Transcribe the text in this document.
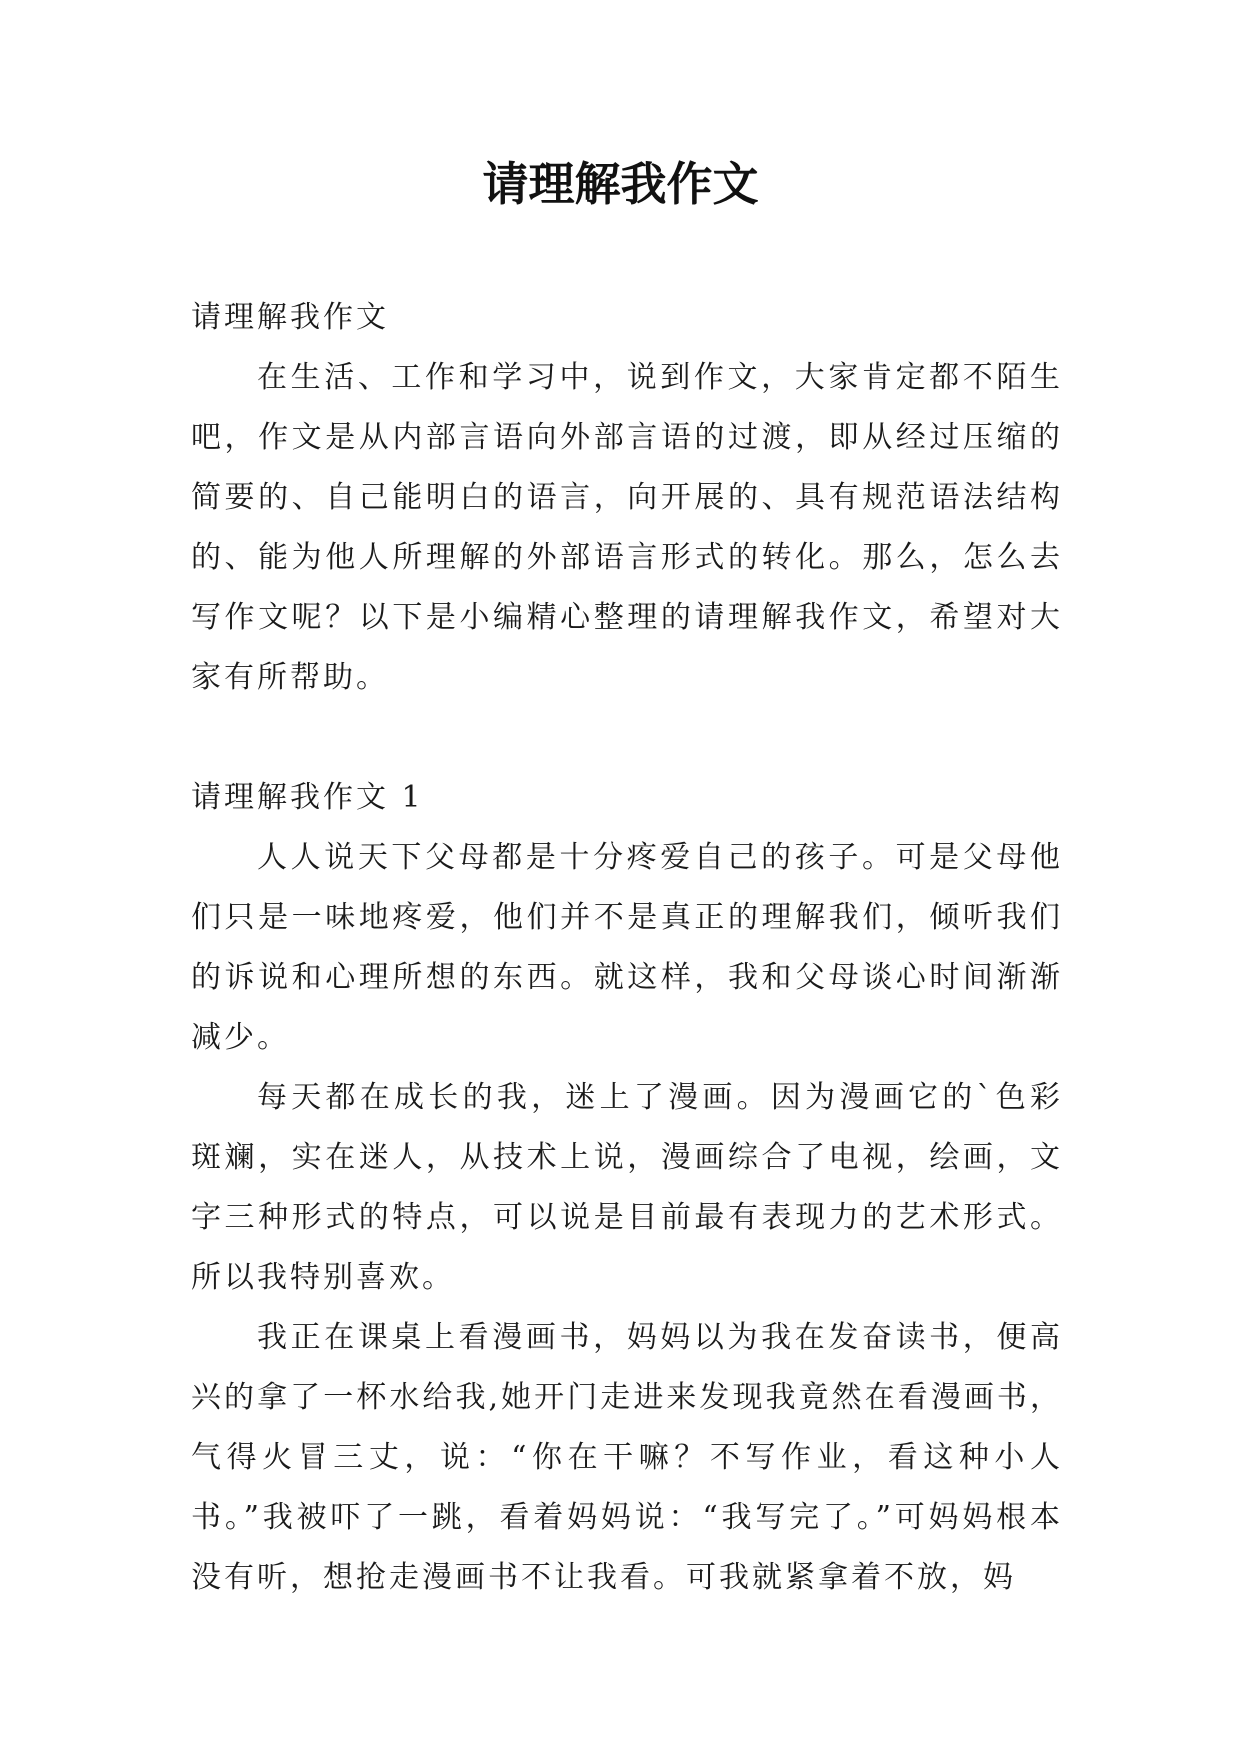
请理解我作文

请理解我作文

在生活、工作和学习中，说到作文，大家肯定都不陌生吧，作文是从内部言语向外部言语的过渡，即从经过压缩的简要的、自己能明白的语言，向开展的、具有规范语法结构的、能为他人所理解的外部语言形式的转化。那么，怎么去写作文呢？以下是小编精心整理的请理解我作文，希望对大家有所帮助。

请理解我作文 1

人人说天下父母都是十分疼爱自己的孩子。可是父母他们只是一味地疼爱，他们并不是真正的理解我们，倾听我们的诉说和心理所想的东西。就这样，我和父母谈心时间渐渐减少。

每天都在成长的我，迷上了漫画。因为漫画它的`色彩斑斓，实在迷人，从技术上说，漫画综合了电视，绘画，文字三种形式的特点，可以说是目前最有表现力的艺术形式。所以我特别喜欢。

我正在课桌上看漫画书，妈妈以为我在发奋读书，便高兴的拿了一杯水给我,她开门走进来发现我竟然在看漫画书，气得火冒三丈，说：“你在干嘛？不写作业，看这种小人书。”我被吓了一跳，看着妈妈说：“我写完了。”可妈妈根本没有听，想抢走漫画书不让我看。可我就紧拿着不放，妈
